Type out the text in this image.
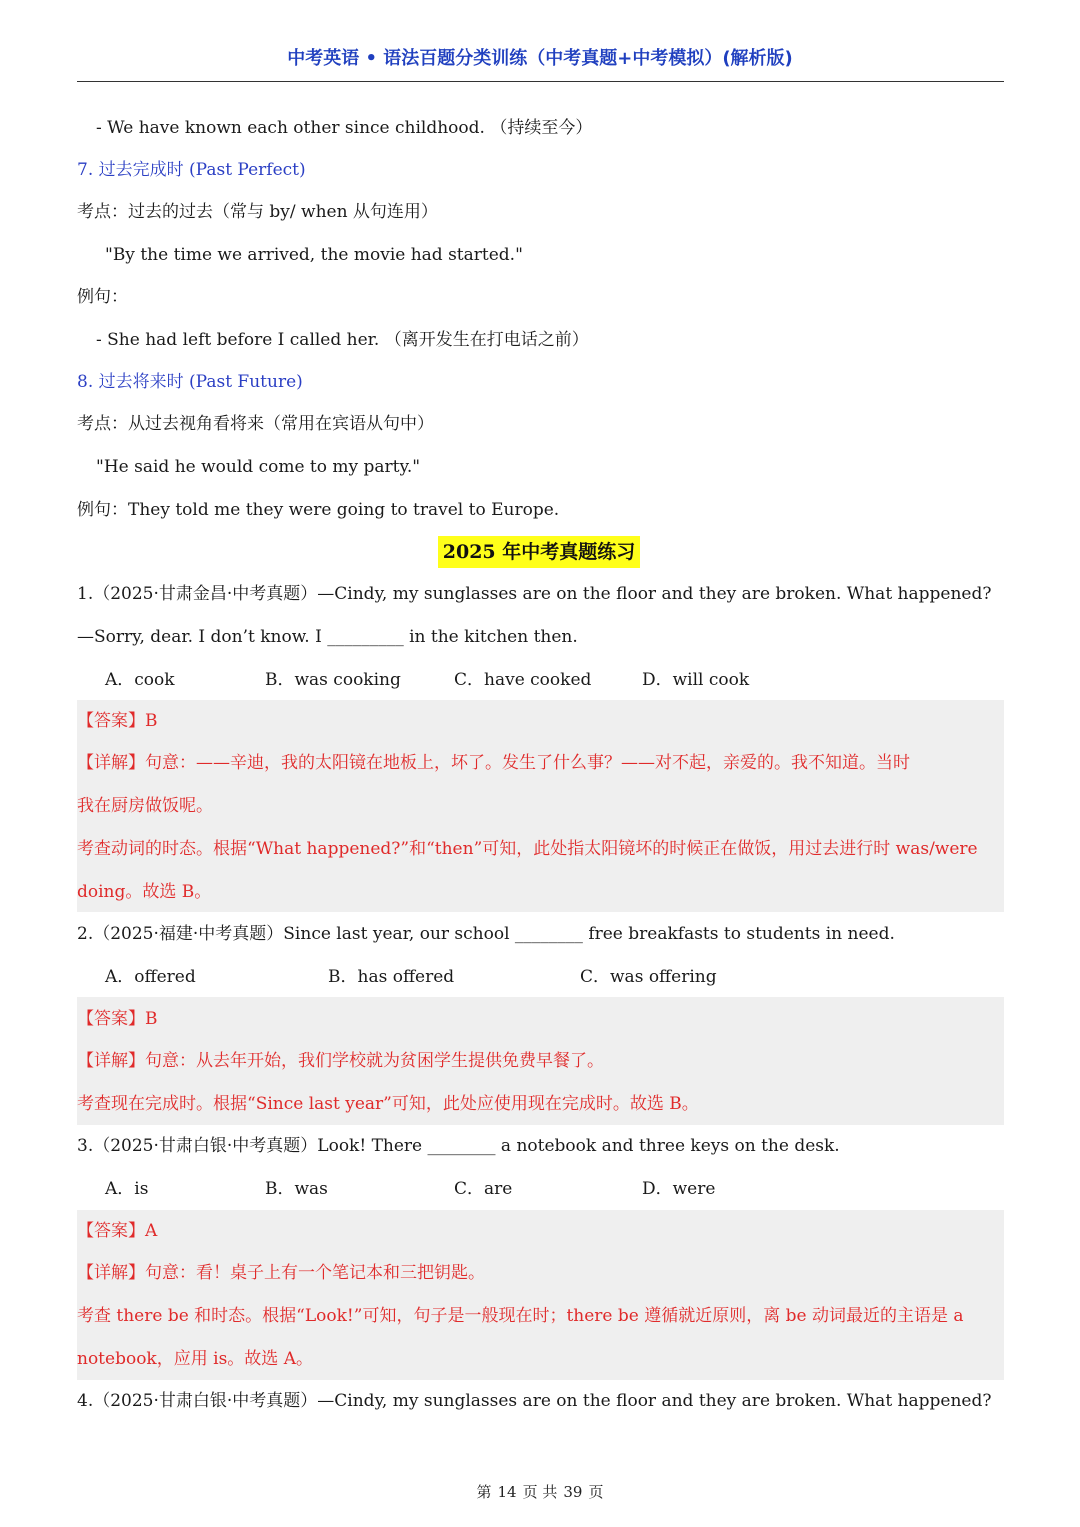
中考英语 • 语法百题分类训练（中考真题+中考模拟）(解析版)
- We have known each other since childhood. （持续至今）
7. 过去完成时 (Past Perfect)
考点：过去的过去（常与 by/ when 从句连用）
"By the time we arrived, the movie had started."
例句：
- She had left before I called her. （离开发生在打电话之前）
8. 过去将来时 (Past Future)
考点：从过去视角看将来（常用在宾语从句中）
"He said he would come to my party."
例句：They told me they were going to travel to Europe.
2025 年中考真题练习
1.（2025·甘肃金昌·中考真题）—Cindy, my sunglasses are on the floor and they are broken. What happened?
—Sorry, dear. I don’t know. I _________ in the kitchen then.
A．cook	B．was cooking	C．have cooked	D．will cook
【答案】B
【详解】句意：——辛迪，我的太阳镜在地板上，坏了。发生了什么事？——对不起，亲爱的。我不知道。当时
我在厨房做饭呢。
考查动词的时态。根据“What happened?”和“then”可知，此处指太阳镜坏的时候正在做饭，用过去进行时 was/were
doing。故选 B。
2.（2025·福建·中考真题）Since last year, our school ________ free breakfasts to students in need.
A．offered	B．has offered	C．was offering
【答案】B
【详解】句意：从去年开始，我们学校就为贫困学生提供免费早餐了。
考查现在完成时。根据“Since last year”可知，此处应使用现在完成时。故选 B。
3.（2025·甘肃白银·中考真题）Look! There ________ a notebook and three keys on the desk.
A．is	B．was	C．are	D．were
【答案】A
【详解】句意：看！桌子上有一个笔记本和三把钥匙。
考查 there be 和时态。根据“Look!”可知，句子是一般现在时；there be 遵循就近原则，离 be 动词最近的主语是 a
notebook，应用 is。故选 A。
4.（2025·甘肃白银·中考真题）—Cindy, my sunglasses are on the floor and they are broken. What happened?
第 14 页 共 39 页
